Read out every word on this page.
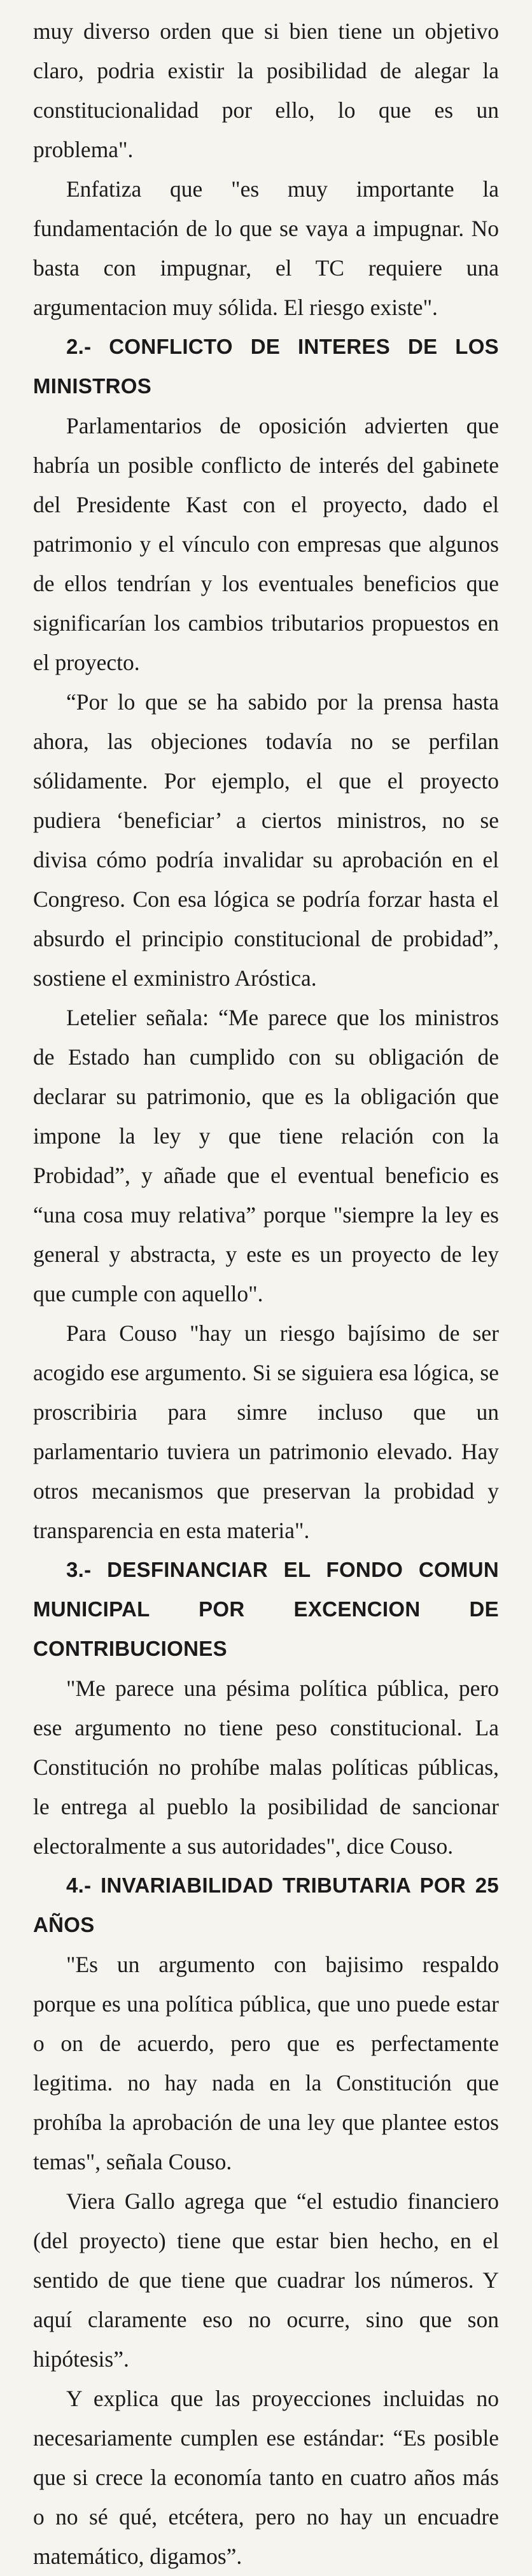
muy diverso orden que si bien tiene un objetivo claro, podria existir la posibilidad de alegar la constitucionalidad por ello, lo que es un problema".

Enfatiza que "es muy importante la fundamentación de lo que se vaya a impugnar. No basta con impugnar, el TC requiere una argumentacion muy sólida. El riesgo existe".

2.- CONFLICTO DE INTERES DE LOS MINISTROS

Parlamentarios de oposición advierten que habría un posible conflicto de interés del gabinete del Presidente Kast con el proyecto, dado el patrimonio y el vínculo con empresas que algunos de ellos tendrían y los eventuales beneficios que significarían los cambios tributarios propuestos en el proyecto.

“Por lo que se ha sabido por la prensa hasta ahora, las objeciones todavía no se perfilan sólidamente. Por ejemplo, el que el proyecto pudiera ‘beneficiar’ a ciertos ministros, no se divisa cómo podría invalidar su aprobación en el Congreso. Con esa lógica se podría forzar hasta el absurdo el principio constitucional de probidad”, sostiene el exministro Aróstica.

Letelier señala: “Me parece que los ministros de Estado han cumplido con su obligación de declarar su patrimonio, que es la obligación que impone la ley y que tiene relación con la Probidad”, y añade que el eventual beneficio es “una cosa muy relativa” porque "siempre la ley es general y abstracta, y este es un proyecto de ley que cumple con aquello".

Para Couso "hay un riesgo bajísimo de ser acogido ese argumento. Si se siguiera esa lógica, se proscribiria para simre incluso que un parlamentario tuviera un patrimonio elevado. Hay otros mecanismos que preservan la probidad y transparencia en esta materia".

3.- DESFINANCIAR EL FONDO COMUN MUNICIPAL POR EXCENCION DE CONTRIBUCIONES

"Me parece una pésima política pública, pero ese argumento no tiene peso constitucional. La Constitución no prohíbe malas políticas públicas, le entrega al pueblo la posibilidad de sancionar electoralmente a sus autoridades", dice Couso.

4.- INVARIABILIDAD TRIBUTARIA POR 25 AÑOS

"Es un argumento con bajisimo respaldo porque es una política pública, que uno puede estar o on de acuerdo, pero que es perfectamente legitima. no hay nada en la Constitución que prohíba la aprobación de una ley que plantee estos temas", señala Couso.

Viera Gallo agrega que “el estudio financiero (del proyecto) tiene que estar bien hecho, en el sentido de que tiene que cuadrar los números. Y aquí claramente eso no ocurre, sino que son hipótesis”.

Y explica que las proyecciones incluidas no necesariamente cumplen ese estándar: “Es posible que si crece la economía tanto en cuatro años más o no sé qué, etcétera, pero no hay un encuadre matemático, digamos”.
